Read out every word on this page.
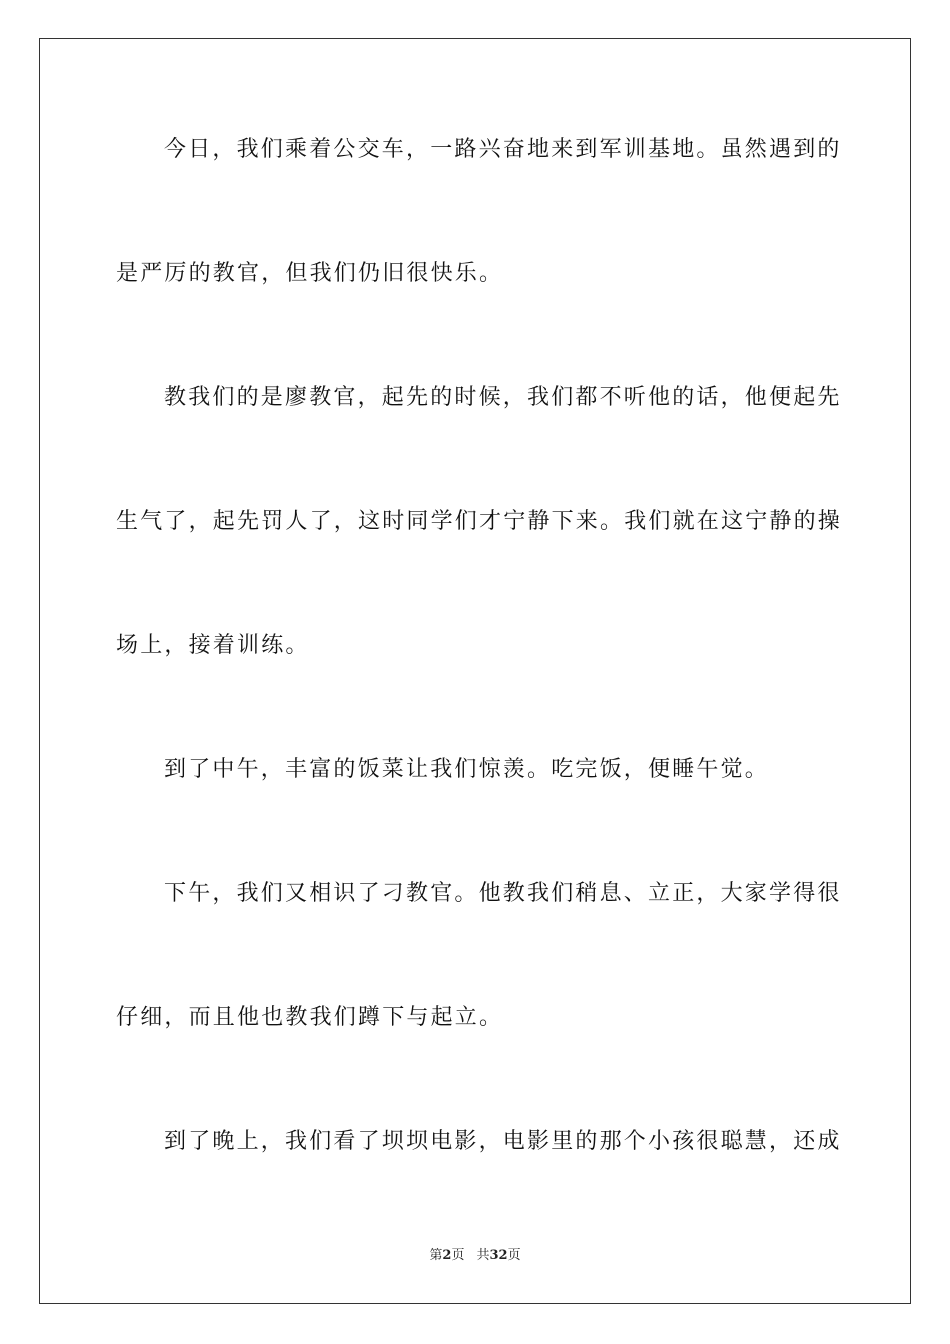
今日，我们乘着公交车，一路兴奋地来到军训基地。虽然遇到的
是严厉的教官，但我们仍旧很快乐。
教我们的是廖教官，起先的时候，我们都不听他的话，他便起先
生气了，起先罚人了，这时同学们才宁静下来。我们就在这宁静的操
场上，接着训练。
到了中午，丰富的饭菜让我们惊羡。吃完饭，便睡午觉。
下午，我们又相识了刁教官。他教我们稍息、立正，大家学得很
仔细，而且他也教我们蹲下与起立。
到了晚上，我们看了坝坝电影，电影里的那个小孩很聪慧，还成
第2页 共32页
